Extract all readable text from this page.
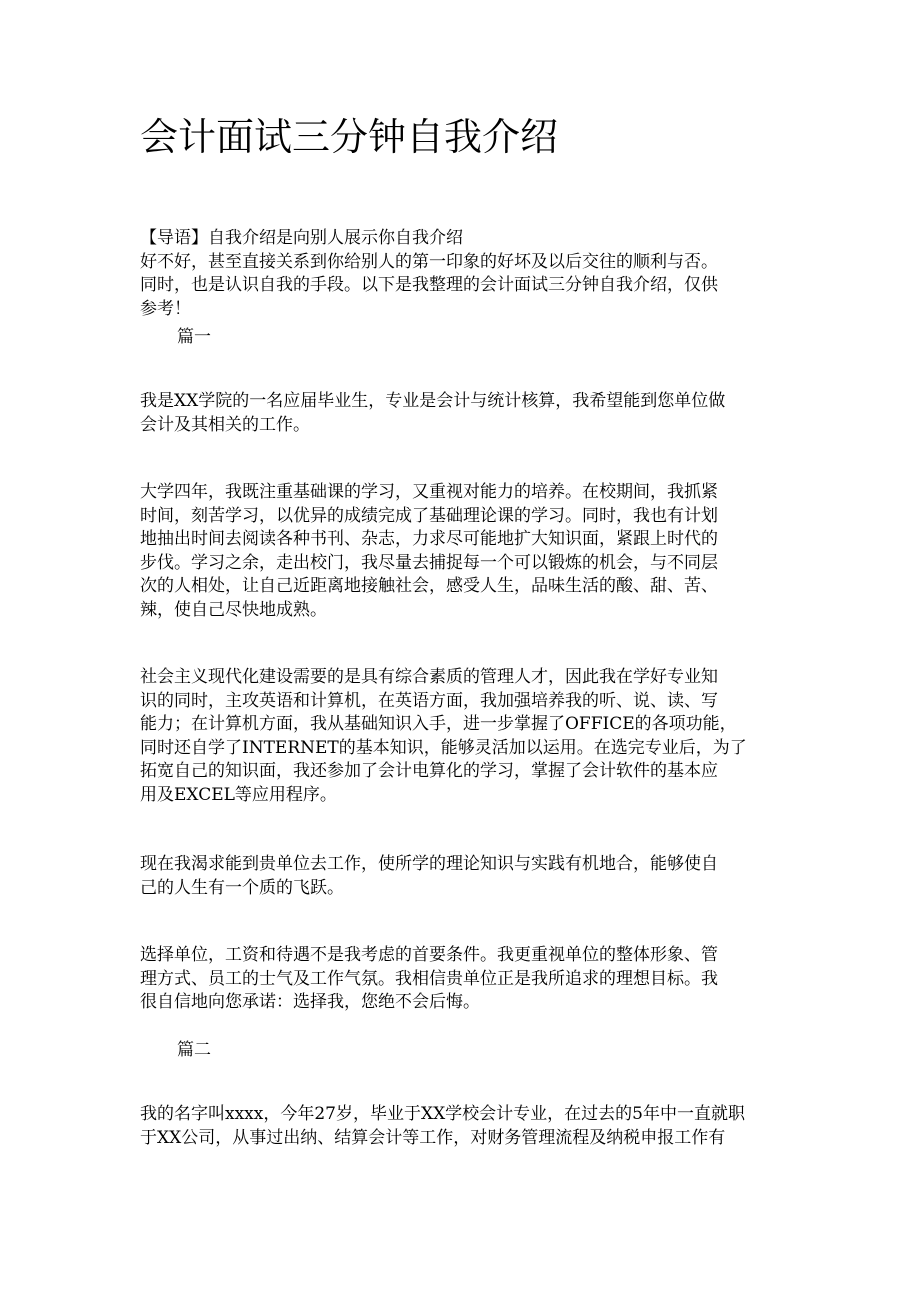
会计面试三分钟自我介绍

【导语】自我介绍是向别人展示你自我介绍
好不好，甚至直接关系到你给别人的第一印象的好坏及以后交往的顺利与否。
同时，也是认识自我的手段。以下是我整理的会计面试三分钟自我介绍，仅供
参考！

篇一

我是XX学院的一名应届毕业生，专业是会计与统计核算，我希望能到您单位做
会计及其相关的工作。

大学四年，我既注重基础课的学习，又重视对能力的培养。在校期间，我抓紧
时间，刻苦学习，以优异的成绩完成了基础理论课的学习。同时，我也有计划
地抽出时间去阅读各种书刊、杂志，力求尽可能地扩大知识面，紧跟上时代的
步伐。学习之余，走出校门，我尽量去捕捉每一个可以锻炼的机会，与不同层
次的人相处，让自己近距离地接触社会，感受人生，品味生活的酸、甜、苦、
辣，使自己尽快地成熟。

社会主义现代化建设需要的是具有综合素质的管理人才，因此我在学好专业知
识的同时，主攻英语和计算机，在英语方面，我加强培养我的听、说、读、写
能力；在计算机方面，我从基础知识入手，进一步掌握了OFFICE的各项功能，
同时还自学了INTERNET的基本知识，能够灵活加以运用。在选完专业后，为了
拓宽自己的知识面，我还参加了会计电算化的学习，掌握了会计软件的基本应
用及EXCEL等应用程序。

现在我渴求能到贵单位去工作，使所学的理论知识与实践有机地合，能够使自
己的人生有一个质的飞跃。

选择单位，工资和待遇不是我考虑的首要条件。我更重视单位的整体形象、管
理方式、员工的士气及工作气氛。我相信贵单位正是我所追求的理想目标。我
很自信地向您承诺：选择我，您绝不会后悔。

篇二

我的名字叫xxxx，今年27岁，毕业于XX学校会计专业，在过去的5年中一直就职
于XX公司，从事过出纳、结算会计等工作，对财务管理流程及纳税申报工作有
